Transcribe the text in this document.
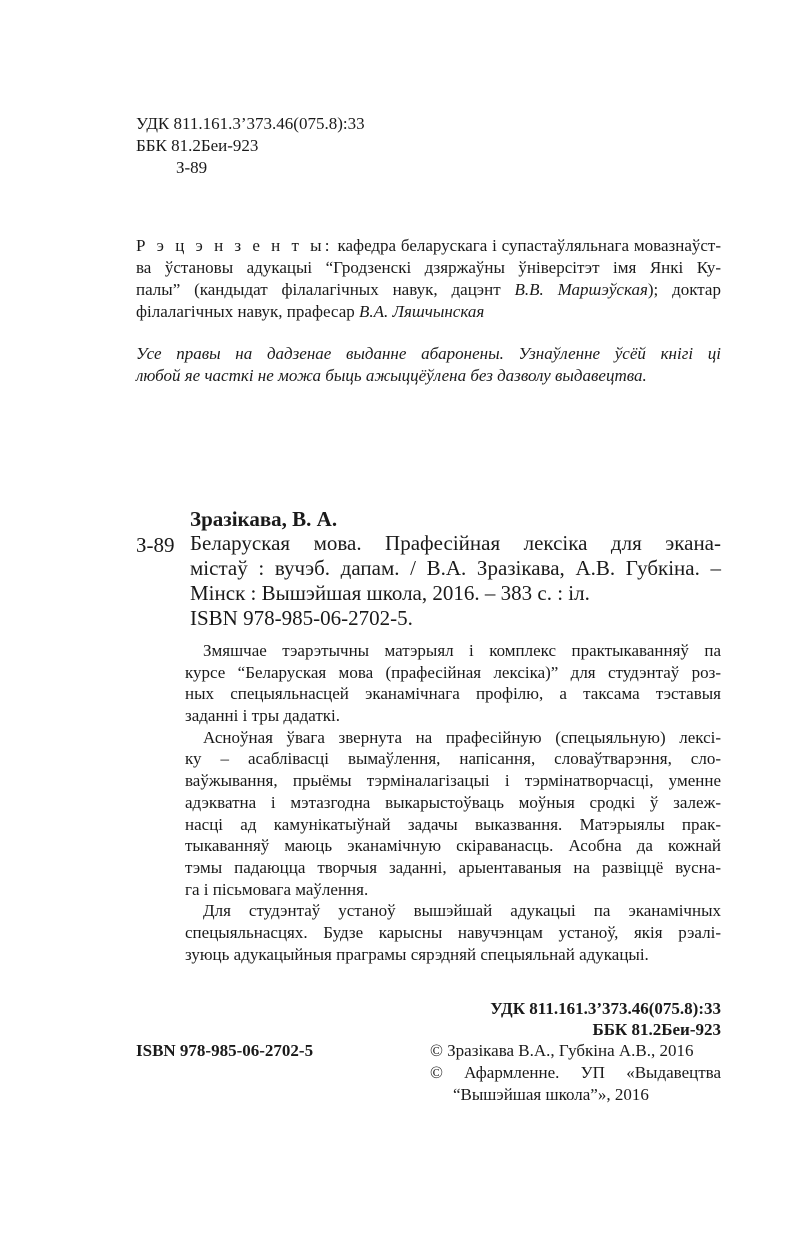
УДК 811.161.3’373.46(075.8):33
ББК 81.2Беи-923
З-89
Р э ц э н з е н т ы: кафедра беларускага і супастаўляльнага мовазнаўст-
ва ўстановы адукацыі “Гродзенскі дзяржаўны ўніверсітэт імя Янкі Ку-
палы” (кандыдат філалагічных навук, дацэнт В.В. Маршэўская); доктар
філалагічных навук, прафесар В.А. Ляшчынская
Усе правы на дадзенае выданне абаронены. Узнаўленне ўсёй кнігі ці
любой яе часткі не можа быць ажыццёўлена без дазволу выдавецтва.
Зразікава, В. А.
З-89 Беларуская мова. Прафесійная лексіка для эканa-
містаў : вучэб. дапам. / В.А. Зразікава, А.В. Губкіна. –
Мінск : Вышэйшая школа, 2016. – 383 с. : іл.
ISBN 978-985-06-2702-5.
Змяшчае тэарэтычны матэрыял і комплекс практыкаванняў па
курсе “Беларуская мова (прафесійная лексіка)” для студэнтаў роз-
ных спецыяльнасцей эканамічнага профілю, а таксама тэставыя
заданні і тры дадаткі.
Асноўная ўвага звернута на прафесійную (спецыяльную) лексі-
ку – асаблівасці вымаўлення, напісання, словаўтварэння, сло-
ваўжывання, прыёмы тэрміналагізацыі і тэрмінатворчасці, уменне
адэкватна і мэтазгодна выкарыстоўваць моўныя сродкі ў залеж-
насці ад камунікатыўнай задачы выказвання. Матэрыялы прак-
тыкаванняў маюць эканамічную скіраванасць. Асобна да кожнай
тэмы падаюцца творчыя заданні, арыентаваныя на развіццё вусна-
га і пісьмовага маўлення.
Для студэнтаў устаноў вышэйшай адукацыі па эканамічных
спецыяльнасцях. Будзе карысны навучэнцам устаноў, якія рэалі-
зуюць адукацыйныя праграмы сярэдняй спецыяльнай адукацыі.
УДК 811.161.3’373.46(075.8):33
ББК 81.2Беи-923
ISBN 978-985-06-2702-5	© Зразікава В.А., Губкіна А.В., 2016
© Афармленне. УП «Выдавецтва
“Вышэйшая школа”», 2016
